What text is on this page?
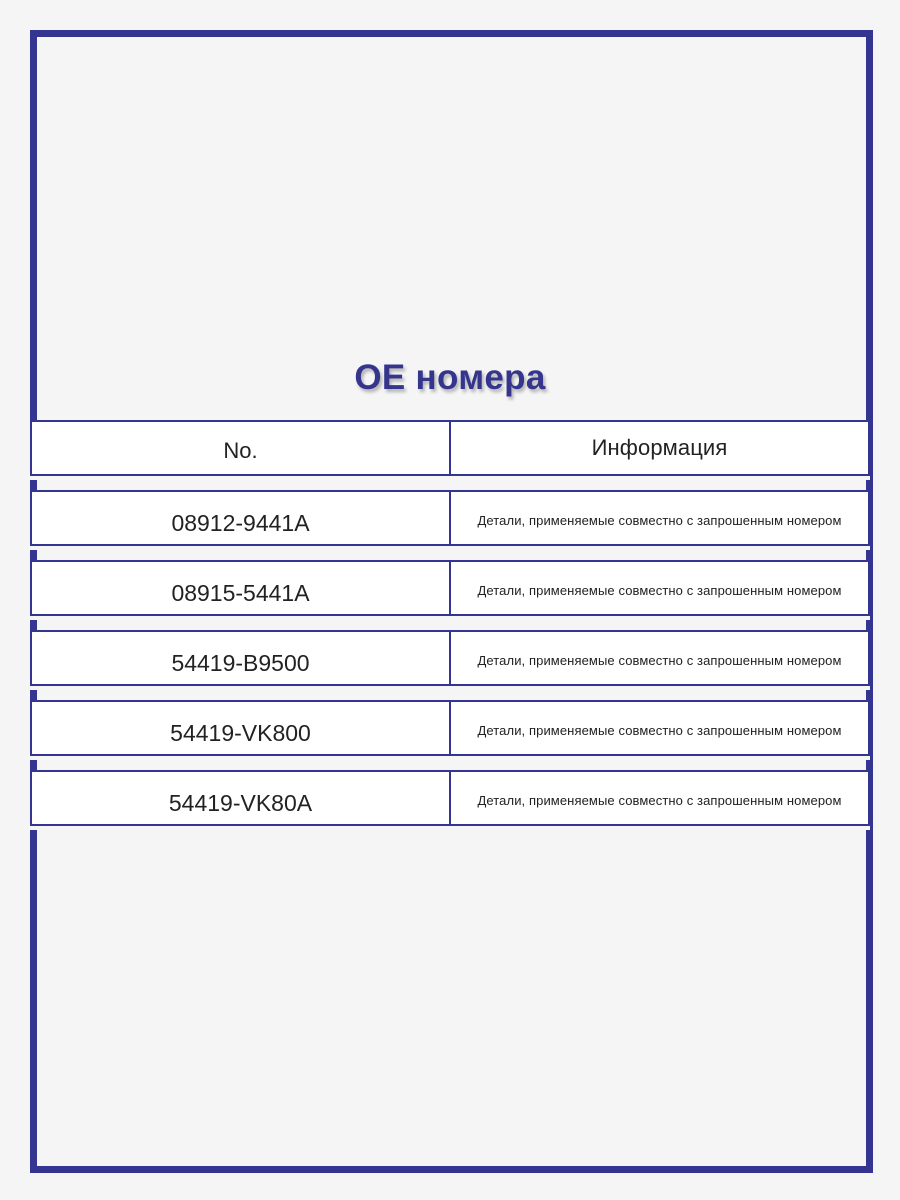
OE номера
No.	Информация
08912-9441A	Детали, применяемые совместно с запрошенным номером
08915-5441A	Детали, применяемые совместно с запрошенным номером
54419-B9500	Детали, применяемые совместно с запрошенным номером
54419-VK800	Детали, применяемые совместно с запрошенным номером
54419-VK80A	Детали, применяемые совместно с запрошенным номером
